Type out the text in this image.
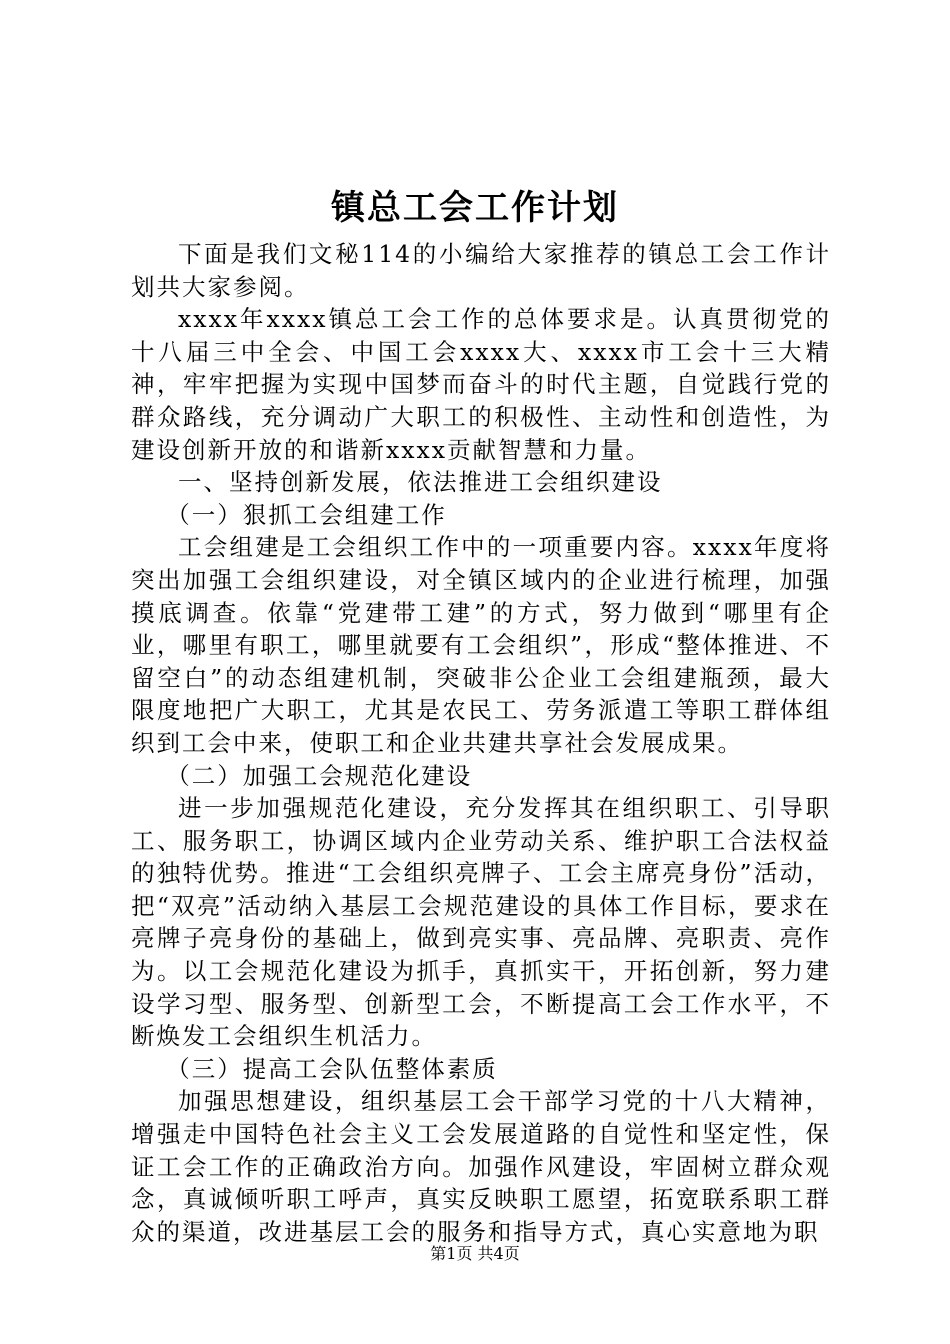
镇总工会工作计划

下面是我们文秘114的小编给大家推荐的镇总工会工作计划共大家参阅。

xxxx年xxxx镇总工会工作的总体要求是。认真贯彻党的十八届三中全会、中国工会xxxx大、xxxx市工会十三大精神，牢牢把握为实现中国梦而奋斗的时代主题，自觉践行党的群众路线，充分调动广大职工的积极性、主动性和创造性，为建设创新开放的和谐新xxxx贡献智慧和力量。

一、坚持创新发展，依法推进工会组织建设

（一）狠抓工会组建工作

工会组建是工会组织工作中的一项重要内容。xxxx年度将突出加强工会组织建设，对全镇区域内的企业进行梳理，加强摸底调查。依靠“党建带工建”的方式，努力做到“哪里有企业，哪里有职工，哪里就要有工会组织”，形成“整体推进、不留空白”的动态组建机制，突破非公企业工会组建瓶颈，最大限度地把广大职工，尤其是农民工、劳务派遣工等职工群体组织到工会中来，使职工和企业共建共享社会发展成果。

（二）加强工会规范化建设

进一步加强规范化建设，充分发挥其在组织职工、引导职工、服务职工，协调区域内企业劳动关系、维护职工合法权益的独特优势。推进“工会组织亮牌子、工会主席亮身份”活动，把“双亮”活动纳入基层工会规范建设的具体工作目标，要求在亮牌子亮身份的基础上，做到亮实事、亮品牌、亮职责、亮作为。以工会规范化建设为抓手，真抓实干，开拓创新，努力建设学习型、服务型、创新型工会，不断提高工会工作水平，不断焕发工会组织生机活力。

（三）提高工会队伍整体素质

加强思想建设，组织基层工会干部学习党的十八大精神，增强走中国特色社会主义工会发展道路的自觉性和坚定性，保证工会工作的正确政治方向。加强作风建设，牢固树立群众观念，真诚倾听职工呼声，真实反映职工愿望，拓宽联系职工群众的渠道，改进基层工会的服务和指导方式，真心实意地为职

第1页 共4页
